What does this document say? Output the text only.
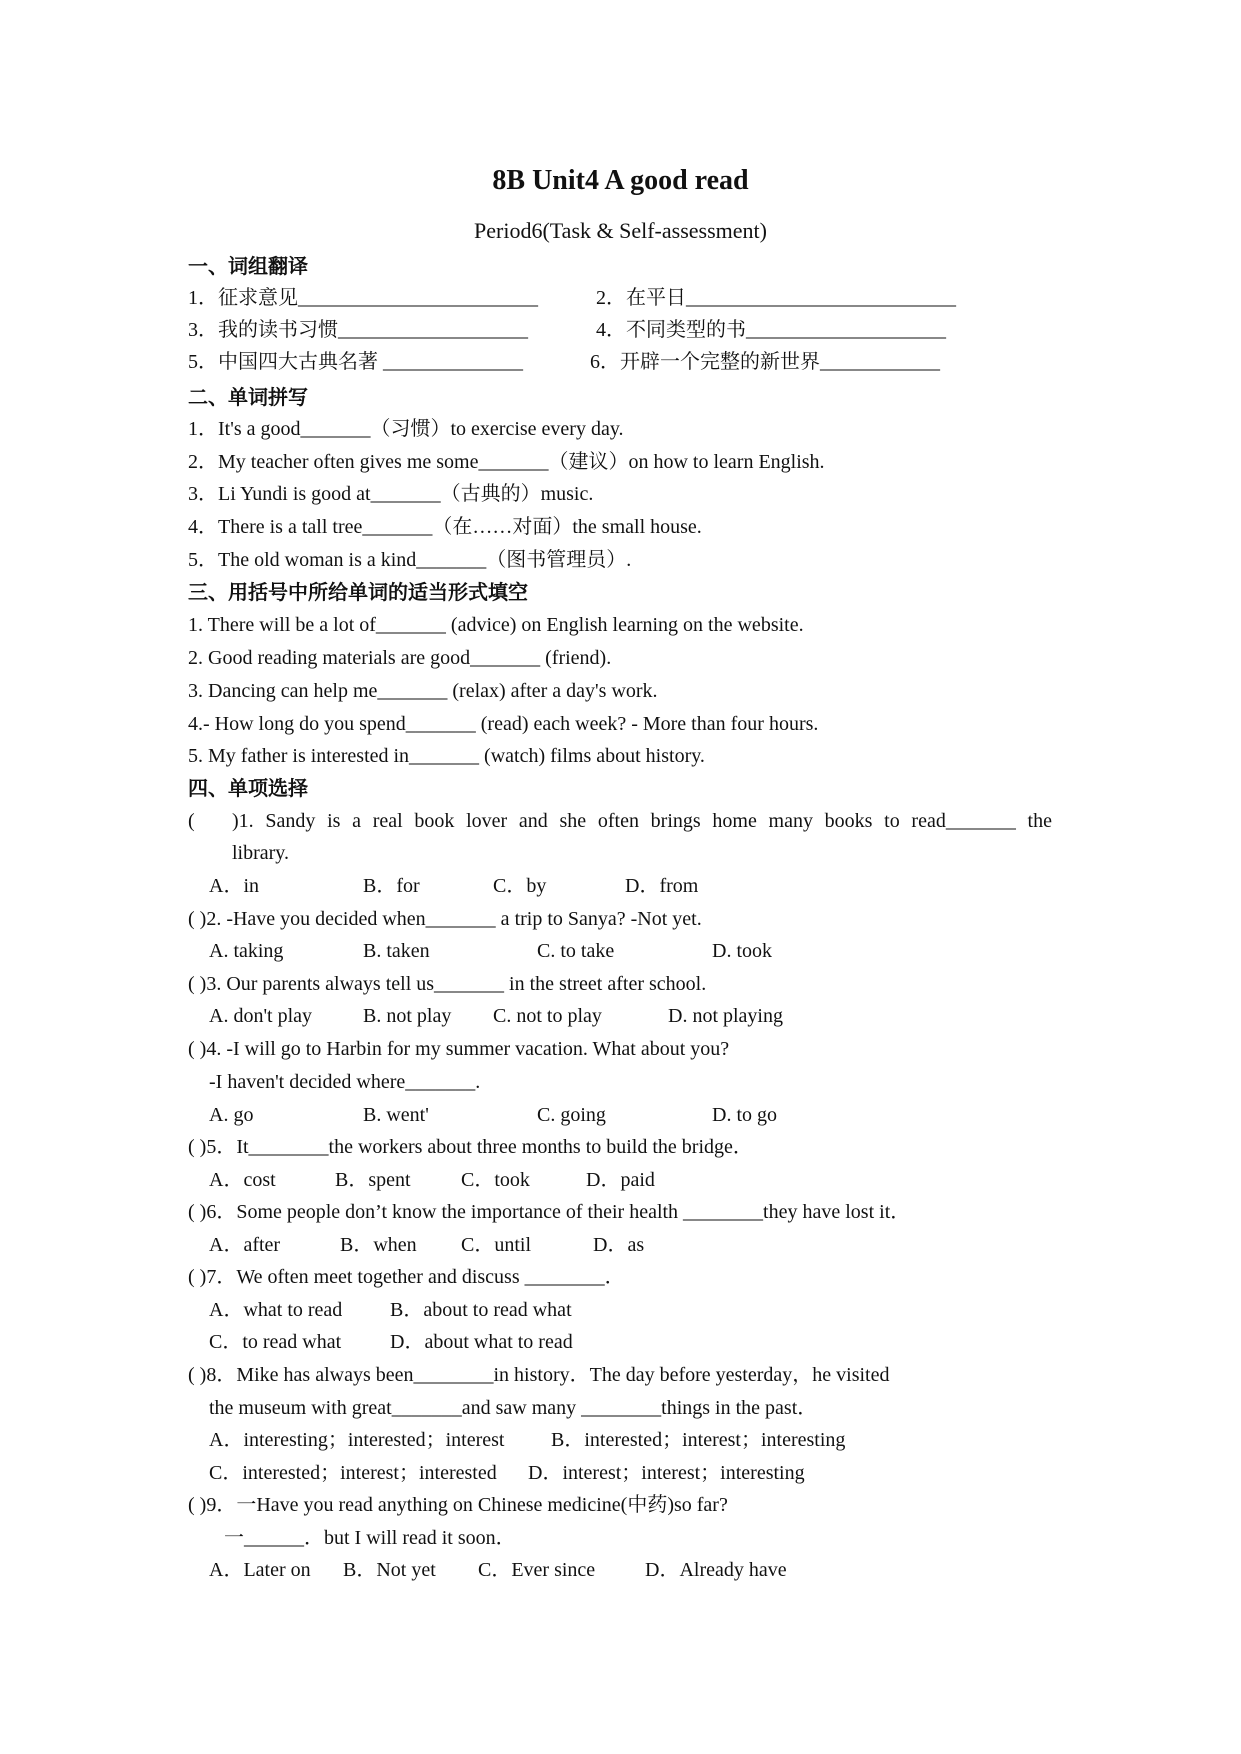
8B Unit4 A good read
Period6(Task & Self-assessment)
一、词组翻译
1．征求意见________________________	2．在平日___________________________
3．我的读书习惯___________________	4．不同类型的书____________________
5．中国四大古典名著 ______________	6．开辟一个完整的新世界____________
二、单词拼写
1．It's a good_______（习惯）to exercise every day.
2．My teacher often gives me some_______（建议）on how to learn English.
3．Li Yundi is good at_______（古典的）music.
4．There is a tall tree_______（在……对面）the small house.
5．The old woman is a kind_______（图书管理员）.
三、用括号中所给单词的适当形式填空
1. There will be a lot of_______ (advice) on English learning on the website.
2. Good reading materials are good_______ (friend).
3. Dancing can help me_______ (relax) after a day's work.
4.- How long do you spend_______ (read) each week? - More than four hours.
5. My father is interested in_______ (watch) films about history.
四、单项选择
( )1. Sandy is a real book lover and she often brings home many books to read_______ the
library.
A．in	B．for	C．by	D．from
( )2. -Have you decided when_______ a trip to Sanya? -Not yet.
A. taking	B. taken	C. to take	D. took
( )3. Our parents always tell us_______ in the street after school.
A. don't play	B. not play C. not to play	D. not playing
( )4. -I will go to Harbin for my summer vacation. What about you?
-I haven't decided where_______.
A. go	B. went'	C. going	D. to go
( )5．It________the workers about three months to build the bridge．
A．cost	B．spent	C．took	D．paid
( )6．Some people don’t know the importance of their health ________they have lost it．
A．after	B．when C．until	D．as
( )7．We often meet together and discuss ________．
A．what to read B．about to read what
C．to read what D．about what to read
( )8．Mike has always been________in history．The day before yesterday，he visited
the museum with great_______and saw many ________things in the past．
A．interesting；interested；interest B．interested；interest；interesting
C．interested；interest；interested D．interest；interest；interesting
( )9．一Have you read anything on Chinese medicine(中药)so far?
一______．but I will read it soon．
A．Later on B．Not yet C．Ever since D．Already have
